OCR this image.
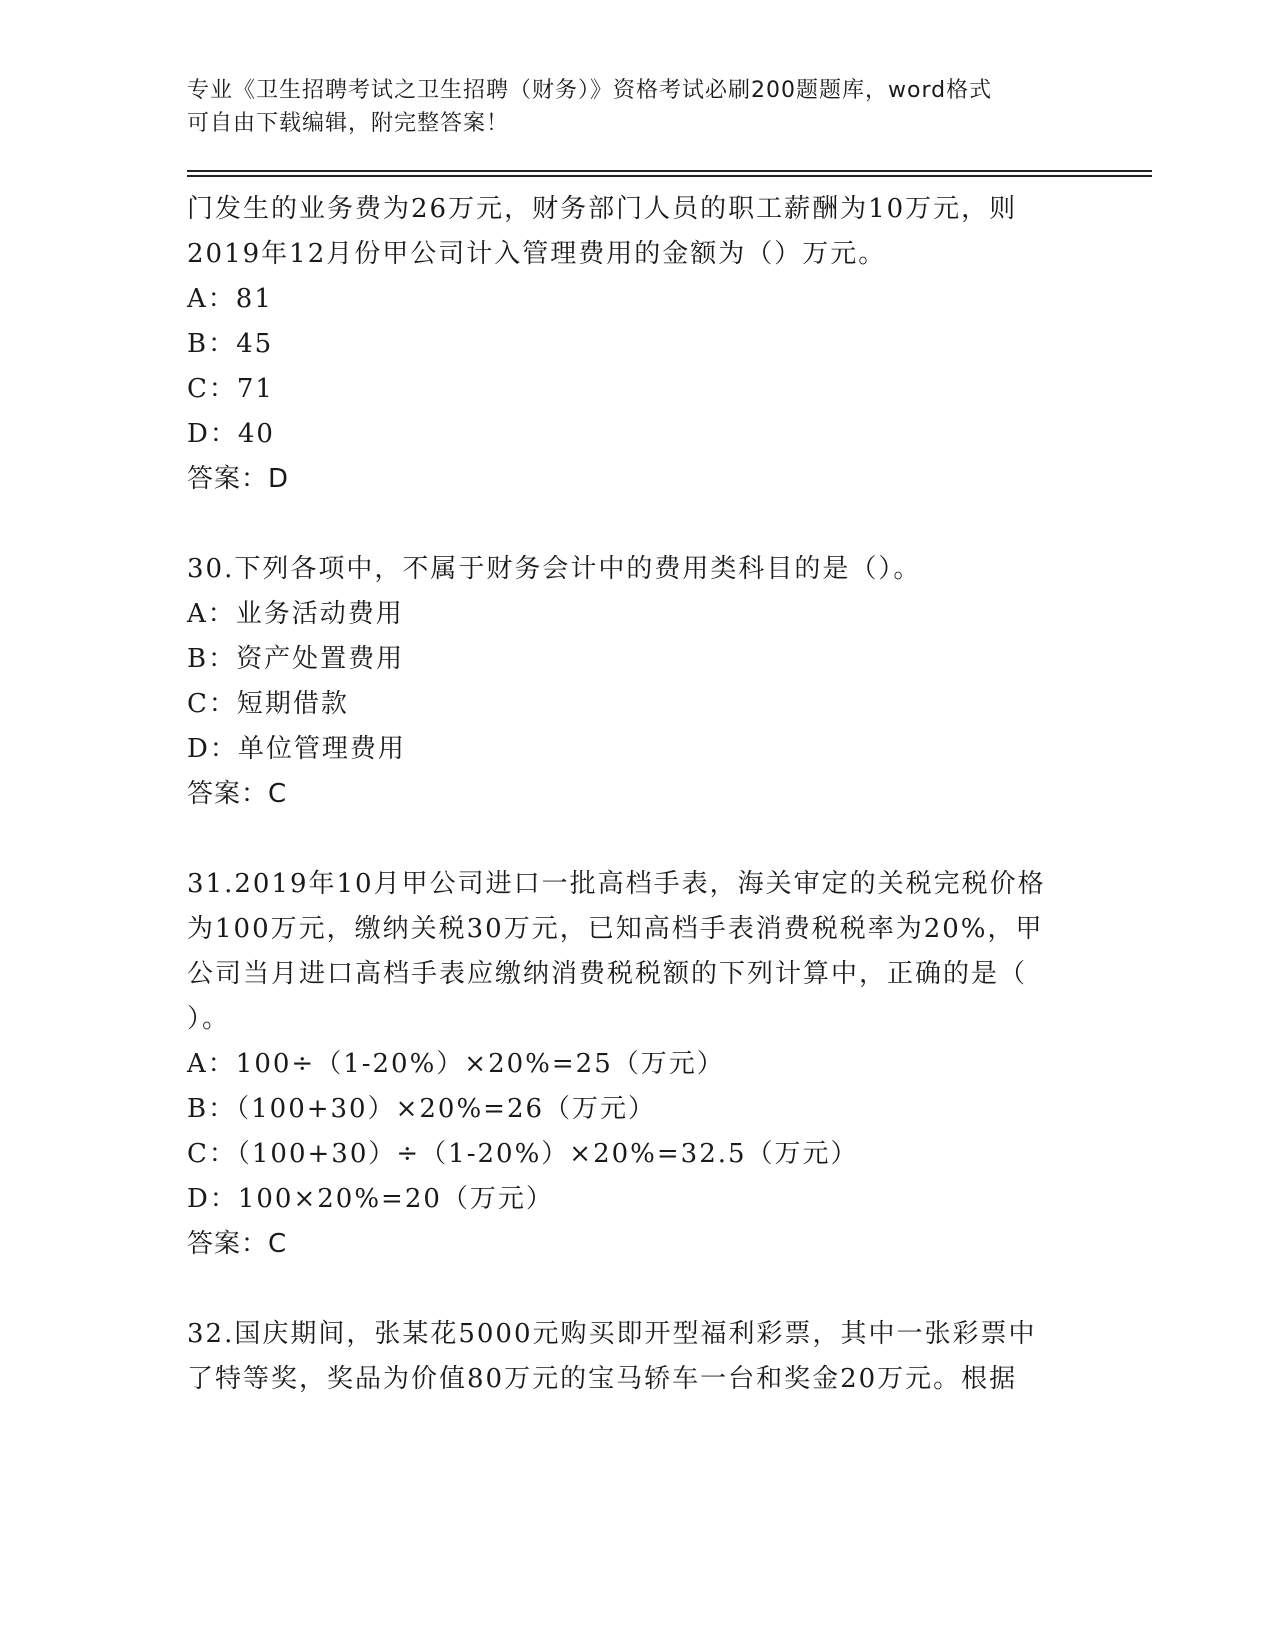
专业《卫生招聘考试之卫生招聘（财务）》资格考试必刷200题题库，word格式
可自由下载编辑，附完整答案！
门发生的业务费为26万元，财务部门人员的职工薪酬为10万元，则
2019年12月份甲公司计入管理费用的金额为（）万元。
A：81
B：45
C：71
D：40
答案：D
30.下列各项中，不属于财务会计中的费用类科目的是（）。
A：业务活动费用
B：资产处置费用
C：短期借款
D：单位管理费用
答案：C
31.2019年10月甲公司进口一批高档手表，海关审定的关税完税价格
为100万元，缴纳关税30万元，已知高档手表消费税税率为20%，甲
公司当月进口高档手表应缴纳消费税税额的下列计算中，正确的是（
）。
A：100÷（1-20%）×20%=25（万元）
B：（100+30）×20%=26（万元）
C：（100+30）÷（1-20%）×20%=32.5（万元）
D：100×20%=20（万元）
答案：C
32.国庆期间，张某花5000元购买即开型福利彩票，其中一张彩票中
了特等奖，奖品为价值80万元的宝马轿车一台和奖金20万元。根据
